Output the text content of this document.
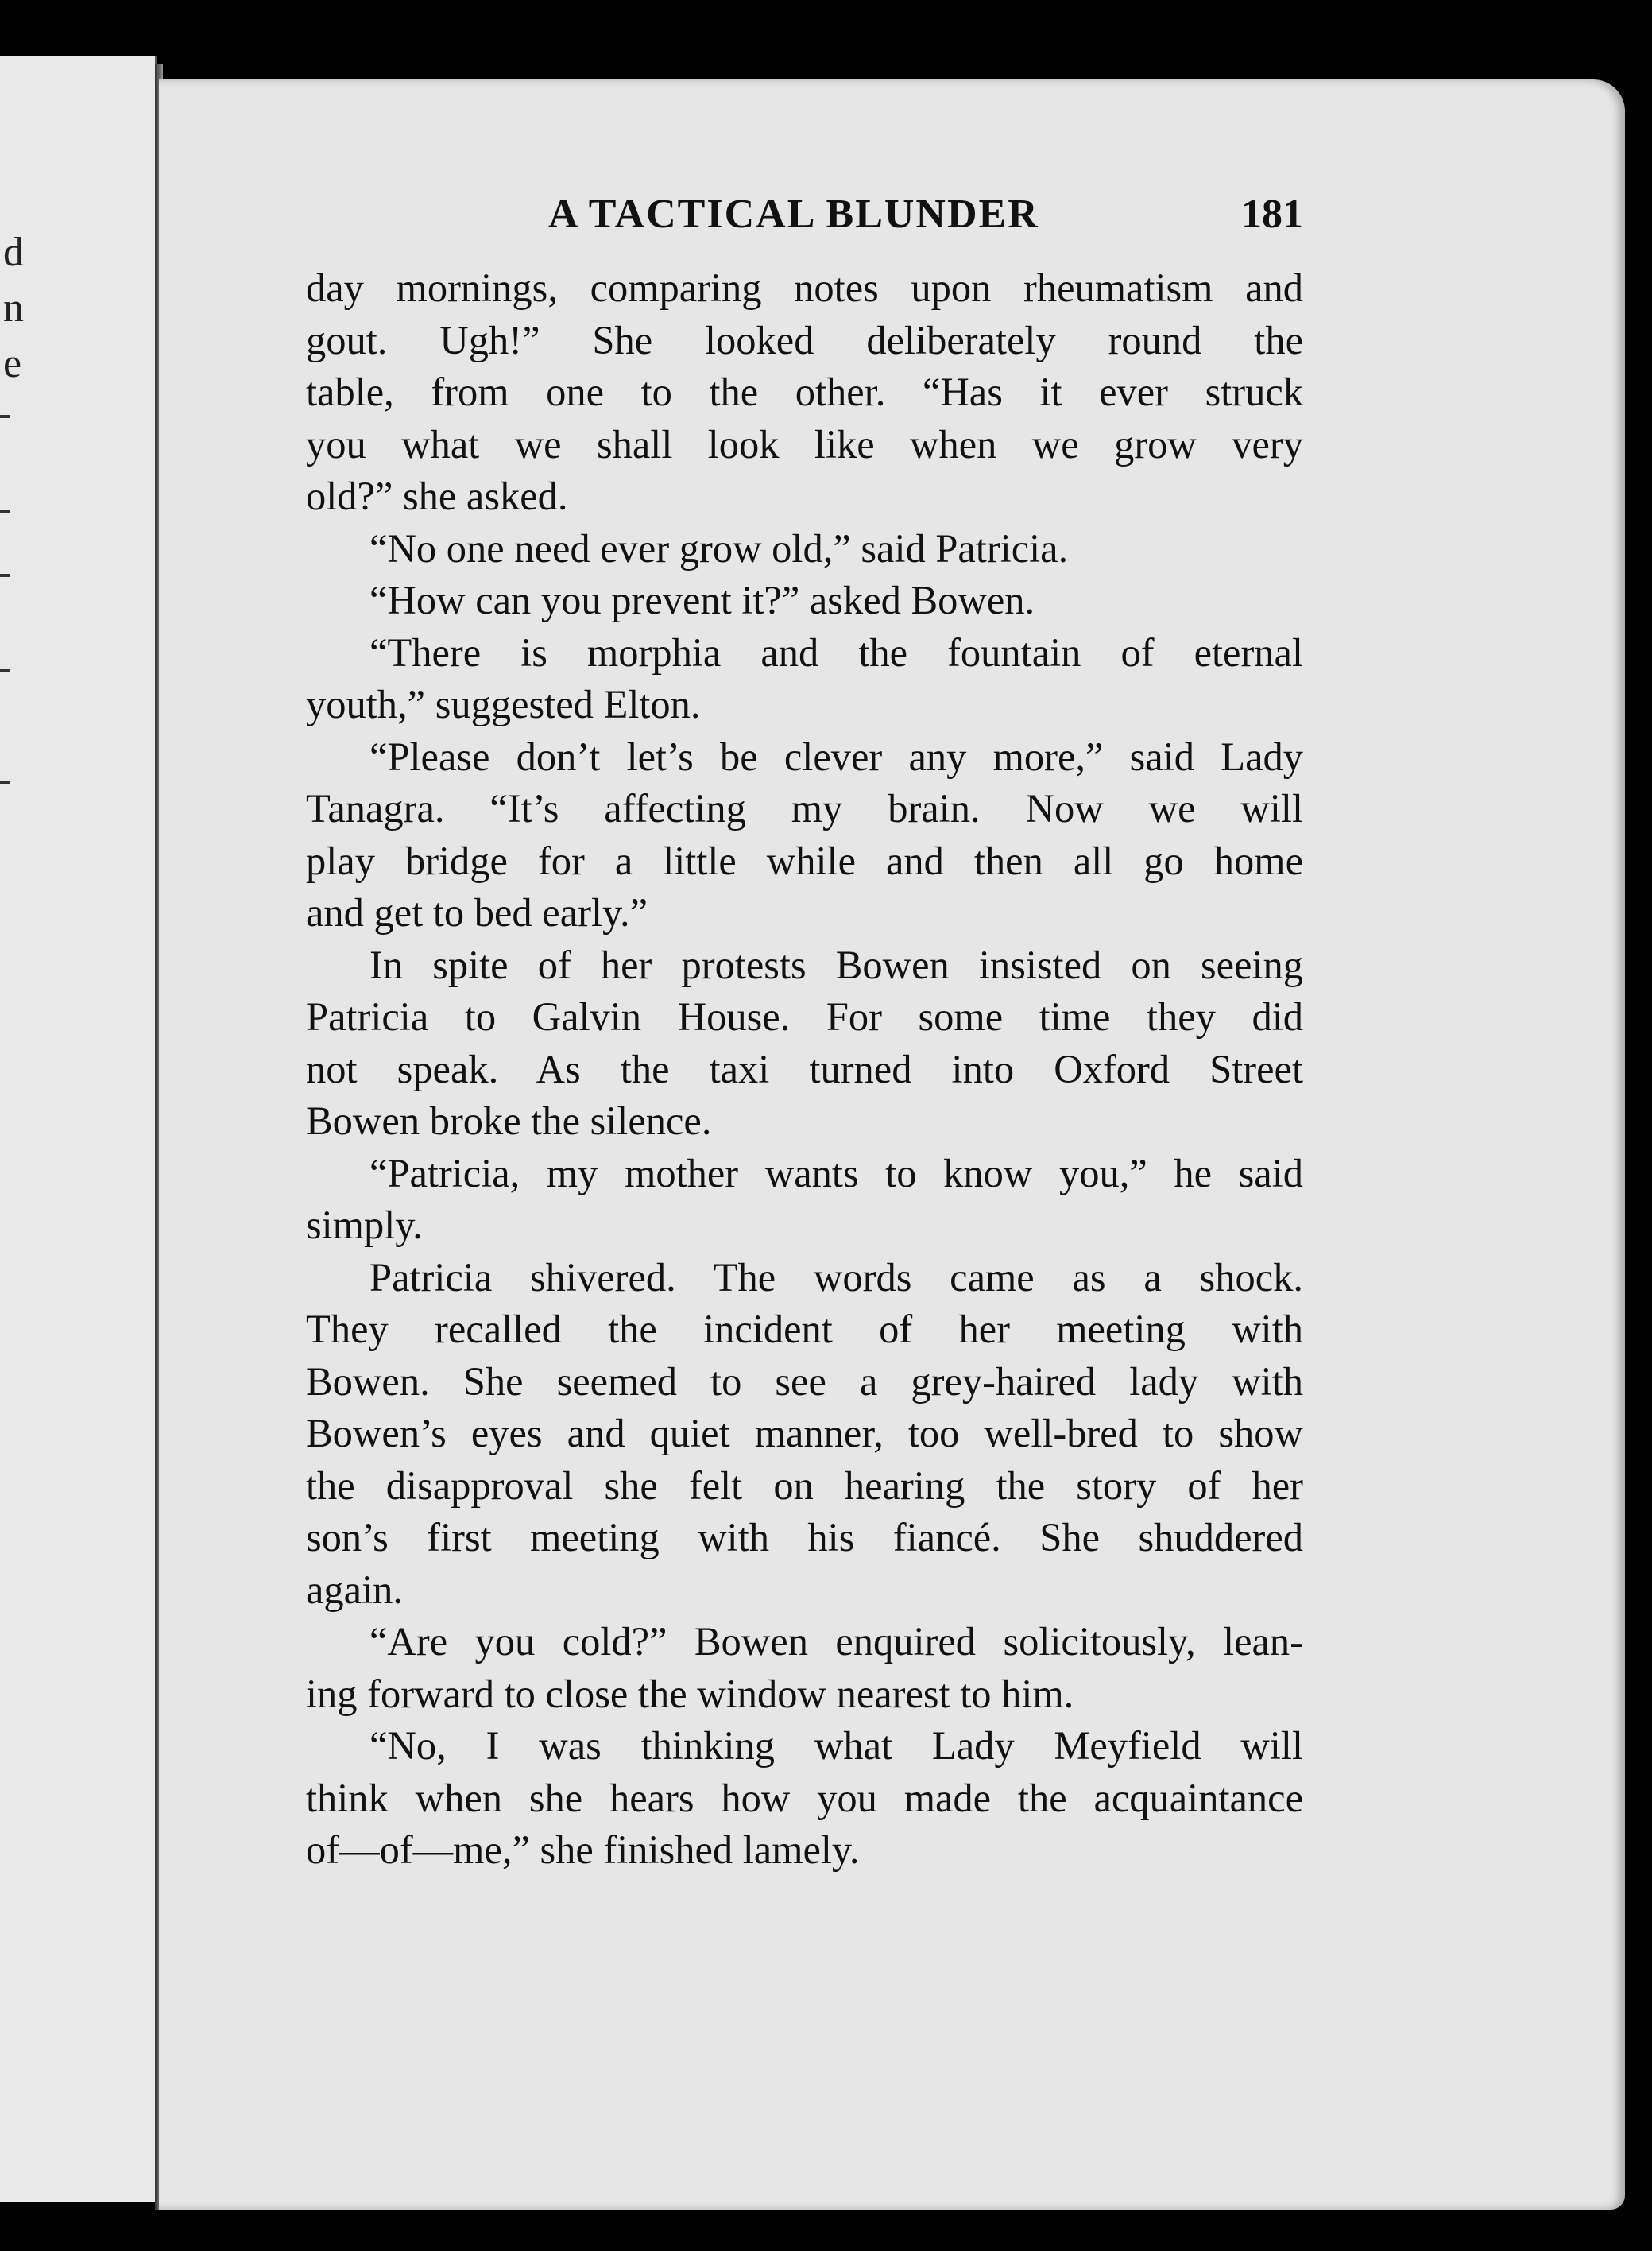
d
n
e
A TACTICAL BLUNDER	181
day mornings, comparing notes upon rheumatism and
gout. Ugh!” She looked deliberately round the
table, from one to the other. “Has it ever struck
you what we shall look like when we grow very
old?” she asked.
“No one need ever grow old,” said Patricia.
“How can you prevent it?” asked Bowen.
“There is morphia and the fountain of eternal
youth,” suggested Elton.
“Please don’t let’s be clever any more,” said Lady
Tanagra. “It’s affecting my brain. Now we will
play bridge for a little while and then all go home
and get to bed early.”
In spite of her protests Bowen insisted on seeing
Patricia to Galvin House. For some time they did
not speak. As the taxi turned into Oxford Street
Bowen broke the silence.
“Patricia, my mother wants to know you,” he said
simply.
Patricia shivered. The words came as a shock.
They recalled the incident of her meeting with
Bowen. She seemed to see a grey-haired lady with
Bowen’s eyes and quiet manner, too well-bred to show
the disapproval she felt on hearing the story of her
son’s first meeting with his fiancé. She shuddered
again.
“Are you cold?” Bowen enquired solicitously, lean-
ing forward to close the window nearest to him.
“No, I was thinking what Lady Meyfield will
think when she hears how you made the acquaintance
of—of—me,” she finished lamely.
